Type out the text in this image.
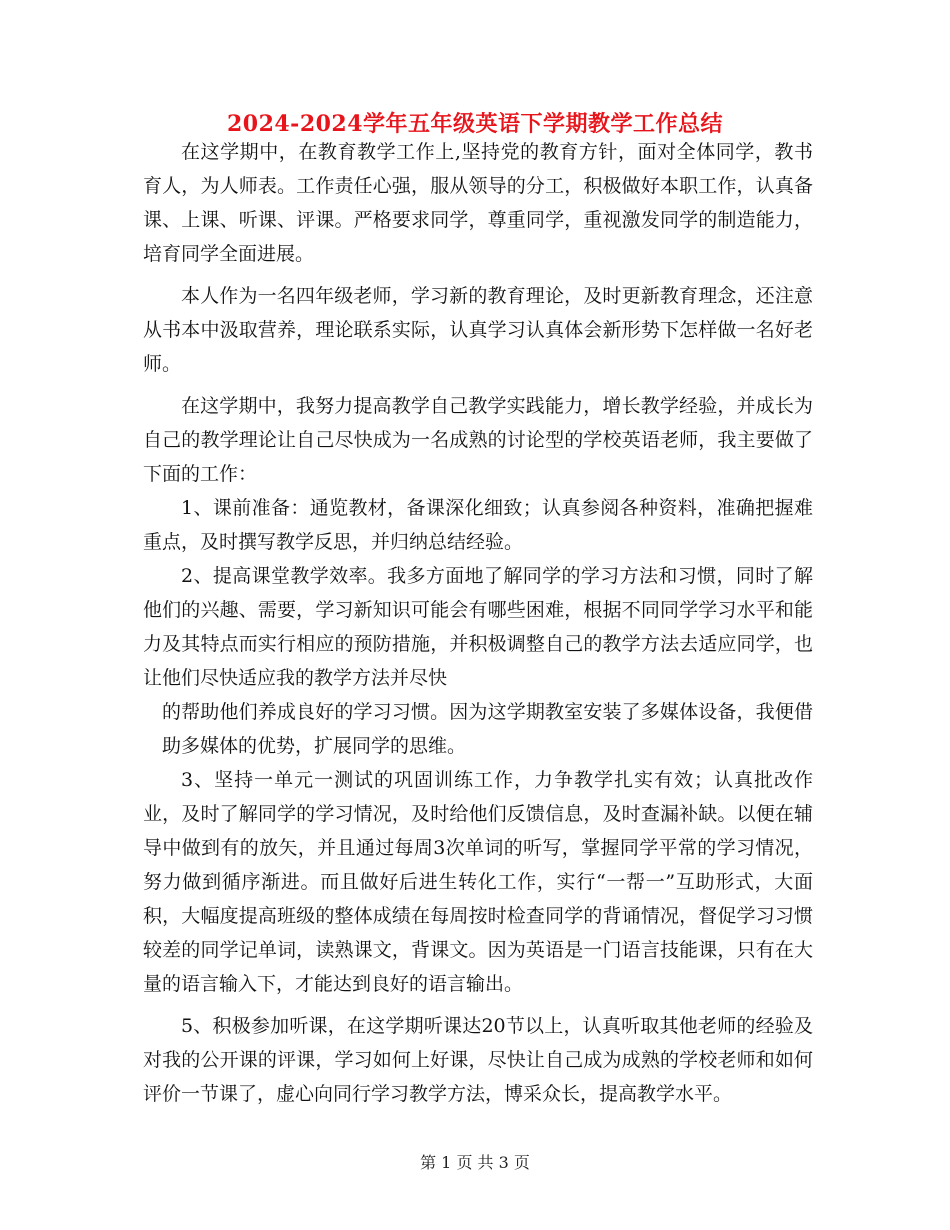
2024-2024学年五年级英语下学期教学工作总结

在这学期中，在教育教学工作上,坚持党的教育方针，面对全体同学，教书育人，为人师表。工作责任心强，服从领导的分工，积极做好本职工作，认真备课、上课、听课、评课。严格要求同学，尊重同学，重视激发同学的制造能力，培育同学全面进展。

本人作为一名四年级老师，学习新的教育理论，及时更新教育理念，还注意从书本中汲取营养，理论联系实际，认真学习认真体会新形势下怎样做一名好老师。

在这学期中，我努力提高教学自己教学实践能力，增长教学经验，并成长为自己的教学理论让自己尽快成为一名成熟的讨论型的学校英语老师，我主要做了下面的工作：

1、课前准备：通览教材，备课深化细致；认真参阅各种资料，准确把握难重点，及时撰写教学反思，并归纳总结经验。

2、提高课堂教学效率。我多方面地了解同学的学习方法和习惯，同时了解他们的兴趣、需要，学习新知识可能会有哪些困难，根据不同同学学习水平和能力及其特点而实行相应的预防措施，并积极调整自己的教学方法去适应同学，也让他们尽快适应我的教学方法并尽快

的帮助他们养成良好的学习习惯。因为这学期教室安装了多媒体设备，我便借助多媒体的优势，扩展同学的思维。

3、坚持一单元一测试的巩固训练工作，力争教学扎实有效；认真批改作业，及时了解同学的学习情况，及时给他们反馈信息，及时查漏补缺。以便在辅导中做到有的放矢，并且通过每周3次单词的听写，掌握同学平常的学习情况，努力做到循序渐进。而且做好后进生转化工作，实行“一帮一”互助形式，大面积，大幅度提高班级的整体成绩在每周按时检查同学的背诵情况，督促学习习惯较差的同学记单词，读熟课文，背课文。因为英语是一门语言技能课，只有在大量的语言输入下，才能达到良好的语言输出。

5、积极参加听课，在这学期听课达20节以上，认真听取其他老师的经验及对我的公开课的评课，学习如何上好课，尽快让自己成为成熟的学校老师和如何评价一节课了，虚心向同行学习教学方法，博采众长，提高教学水平。

第 1 页 共 3 页
